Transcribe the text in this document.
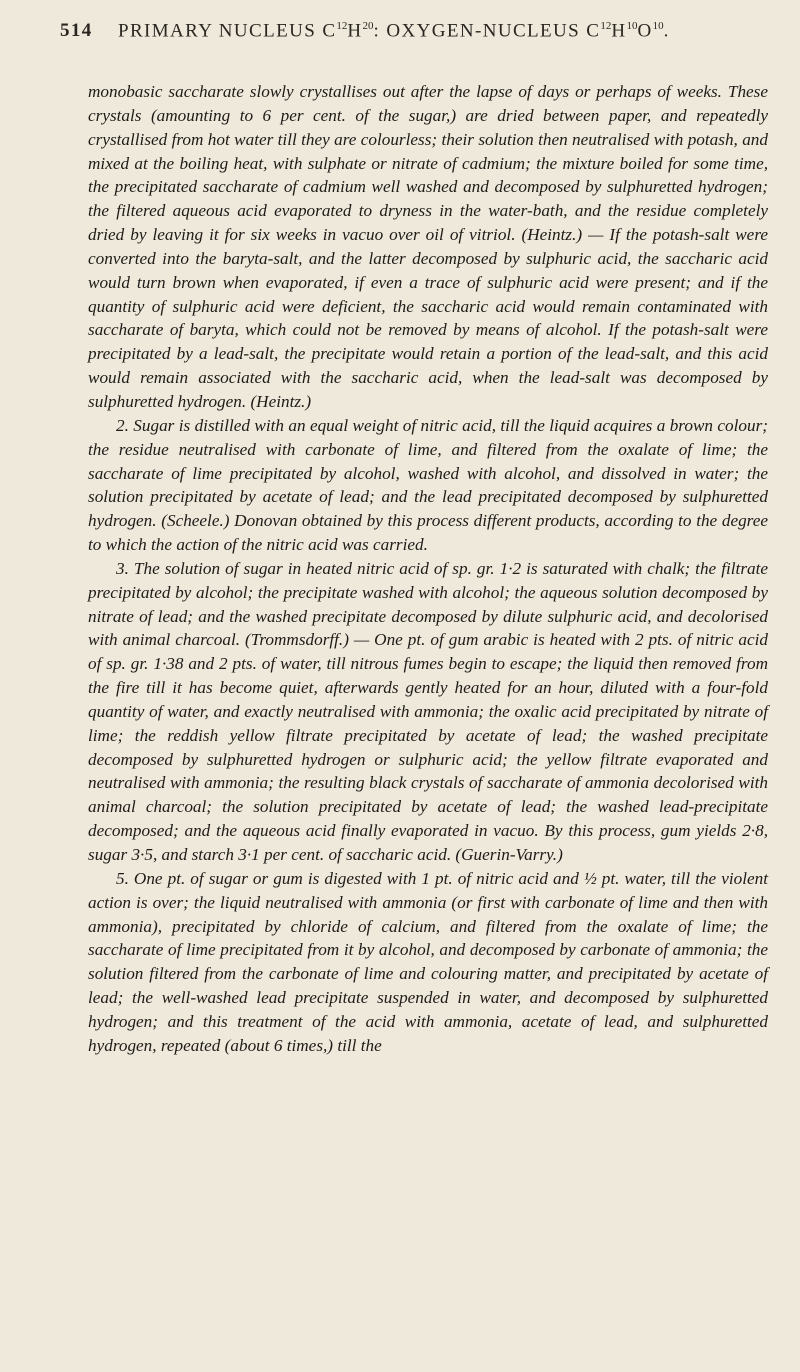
514 PRIMARY NUCLEUS $C^{12}H^{20}$: OXYGEN-NUCLEUS $C^{12}H^{10}O^{10}$.

monobasic saccharate slowly crystallises out after the lapse of days or perhaps of weeks. These crystals (amounting to 6 per cent. of the sugar,) are dried between paper, and repeatedly crystallised from hot water till they are colourless; their solution then neutralised with potash, and mixed at the boiling heat, with sulphate or nitrate of cadmium; the mixture boiled for some time, the precipitated saccharate of cadmium well washed and decomposed by sulphuretted hydrogen; the filtered aqueous acid evaporated to dryness in the water-bath, and the residue completely dried by leaving it for six weeks in vacuo over oil of vitriol. (Heintz.) — If the potash-salt were converted into the baryta-salt, and the latter decomposed by sulphuric acid, the saccharic acid would turn brown when evaporated, if even a trace of sulphuric acid were present; and if the quantity of sulphuric acid were deficient, the saccharic acid would remain contaminated with saccharate of baryta, which could not be removed by means of alcohol. If the potash-salt were precipitated by a lead-salt, the precipitate would retain a portion of the lead-salt, and this acid would remain associated with the saccharic acid, when the lead-salt was decomposed by sulphuretted hydrogen. (Heintz.)

2. Sugar is distilled with an equal weight of nitric acid, till the liquid acquires a brown colour; the residue neutralised with carbonate of lime, and filtered from the oxalate of lime; the saccharate of lime precipitated by alcohol, washed with alcohol, and dissolved in water; the solution precipitated by acetate of lead; and the lead precipitated decomposed by sulphuretted hydrogen. (Scheele.) Donovan obtained by this process different products, according to the degree to which the action of the nitric acid was carried.

3. The solution of sugar in heated nitric acid of sp. gr. 1·2 is saturated with chalk; the filtrate precipitated by alcohol; the precipitate washed with alcohol; the aqueous solution decomposed by nitrate of lead; and the washed precipitate decomposed by dilute sulphuric acid, and decolorised with animal charcoal. (Trommsdorff.) — One pt. of gum arabic is heated with 2 pts. of nitric acid of sp. gr. 1·38 and 2 pts. of water, till nitrous fumes begin to escape; the liquid then removed from the fire till it has become quiet, afterwards gently heated for an hour, diluted with a four-fold quantity of water, and exactly neutralised with ammonia; the oxalic acid precipitated by nitrate of lime; the reddish yellow filtrate precipitated by acetate of lead; the washed precipitate decomposed by sulphuretted hydrogen or sulphuric acid; the yellow filtrate evaporated and neutralised with ammonia; the resulting black crystals of saccharate of ammonia decolorised with animal charcoal; the solution precipitated by acetate of lead; the washed lead-precipitate decomposed; and the aqueous acid finally evaporated in vacuo. By this process, gum yields 2·8, sugar 3·5, and starch 3·1 per cent. of saccharic acid. (Guerin-Varry.)

5. One pt. of sugar or gum is digested with 1 pt. of nitric acid and ½ pt. water, till the violent action is over; the liquid neutralised with ammonia (or first with carbonate of lime and then with ammonia), precipitated by chloride of calcium, and filtered from the oxalate of lime; the saccharate of lime precipitated from it by alcohol, and decomposed by carbonate of ammonia; the solution filtered from the carbonate of lime and colouring matter, and precipitated by acetate of lead; the well-washed lead precipitate suspended in water, and decomposed by sulphuretted hydrogen; and this treatment of the acid with ammonia, acetate of lead, and sulphuretted hydrogen, repeated (about 6 times,) till the
